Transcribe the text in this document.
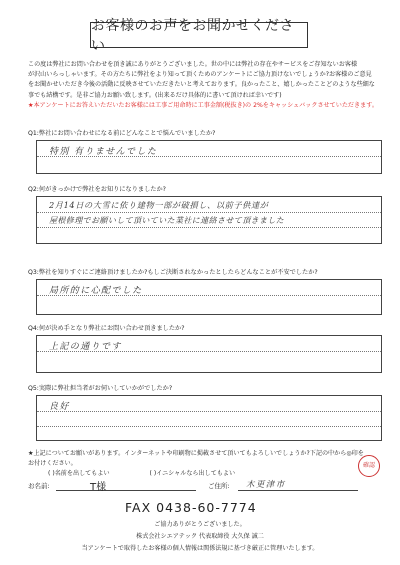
お客様のお声をお聞かせください

この度は弊社にお問い合わせを頂き誠にありがとうございました。世の中には弊社の存在やサービスをご存知ないお客様

が沢山いらっしゃいます。その方たちに弊社をより知って頂くためのアンケートにご協力頂けないでしょうか?お客様のご意見

をお聞かせいただき今後の活動に反映させていただきたいと考えております。良かったこと、嬉しかったことどのような些細な

事でも結構です。是非ご協力お願い致します。(出来るだけ具体的に書いて頂ければ幸いです)

★本アンケートにお答えいただいたお客様には工事ご用命時に工事金額(税抜き)の 2%をキャッシュバックさせていただきます。

Q1:弊社にお問い合わせになる前にどんなことで悩んでいましたか?
特別 有りませんでした
Q2:何がきっかけで弊社をお知りになりましたか?
2月14日の大雪に依り建物一部が破損し、以前子供達が
屋根修理でお願いして頂いていた業社に連絡させて頂きました
Q3:弊社を知りすぐにご連絡頂けましたか?もしご決断されなかったとしたらどんなことが不安でしたか?
局所的に心配でした
Q4:何が決め手となり弊社にお問い合わせ頂きましたか?
上記の通りです
Q5:実際に弊社担当者がお伺いしていかがでしたか?
良好
★上記についてお願いがあります。インターネットや印刷物に掲載させて頂いてもよろしいでしょうか?下記の中から◎印を
お付けください。
( )名前を出してもよい	( )イニシャルなら出してもよい
確認
お名前:	T様	ご住所: 木更津市
FAX 0438-60-7774
ご協力ありがとうございました。
株式会社シエアテック 代表取締役 大久保 誠二
当アンケートで取得したお客様の個人情報は関係法規に基づき厳正に管理いたします。
